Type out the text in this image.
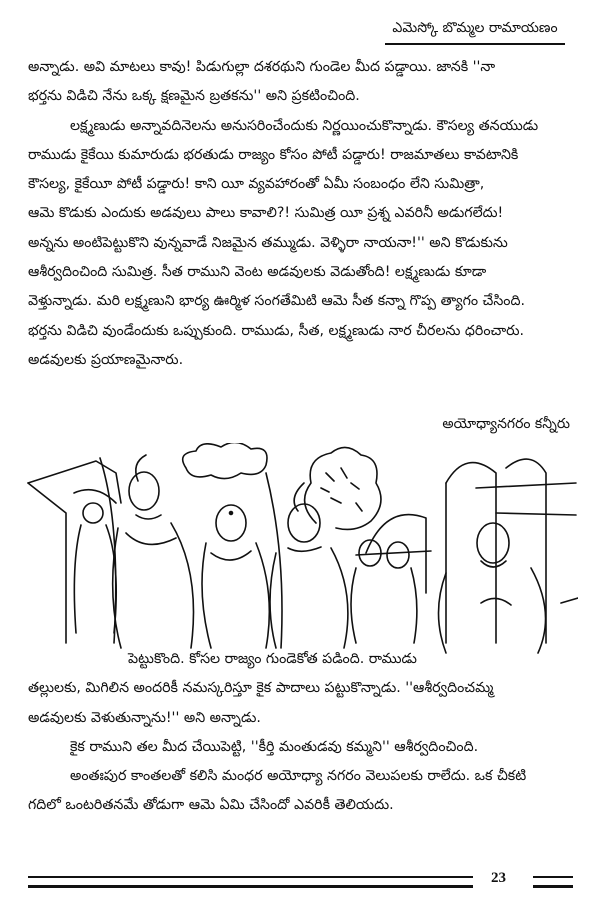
ఎమెస్కో బొమ్మల రామాయణం
అన్నాడు. అవి మాటలు కావు! పిడుగుల్లా దశరథుని గుండెల మీద పడ్డాయి. జానకి ''నా
భర్తను విడిచి నేను ఒక్క క్షణమైన బ్రతకను'' అని ప్రకటించింది.
లక్ష్మణుడు అన్నావదినెలను అనుసరించేందుకు నిర్ణయించుకొన్నాడు. కౌసల్య తనయుడు
రాముడు కైకేయి కుమారుడు భరతుడు రాజ్యం కోసం పోటీ పడ్డారు! రాజమాతలు కావటానికి
కౌసల్య, కైకేయీ పోటీ పడ్డారు! కాని యీ వ్యవహారంతో ఏమీ సంబంధం లేని సుమిత్రా,
ఆమె కొడుకు ఎందుకు అడవులు పాలు కావాలి?! సుమిత్ర యీ ప్రశ్న ఎవరినీ అడుగలేదు!
అన్నను అంటిపెట్టుకొని వున్నవాడే నిజమైన తమ్ముడు. వెళ్ళిరా నాయనా!'' అని కొడుకును
ఆశీర్వదించింది సుమిత్ర. సీత రాముని వెంట అడవులకు వెడుతోంది! లక్ష్మణుడు కూడా
వెళ్తున్నాడు. మరి లక్ష్మణుని భార్య ఊర్మిళ సంగతేమిటి ఆమె సీత కన్నా గొప్ప త్యాగం చేసింది.
భర్తను విడిచి వుండేందుకు ఒప్పుకుంది. రాముడు, సీత, లక్ష్మణుడు నార చీరలను ధరించారు.
అడవులకు ప్రయాణమైనారు.
అయోధ్యానగరం కన్నీరు
పెట్టుకొంది. కోసల రాజ్యం గుండెకోత పడింది. రాముడు
తల్లులకు, మిగిలిన అందరికీ నమస్కరిస్తూ కైక పాదాలు పట్టుకొన్నాడు. ''ఆశీర్వదించమ్మ
అడవులకు వెళుతున్నాను!'' అని అన్నాడు.
కైక రాముని తల మీద చేయిపెట్టి, ''కీర్తి మంతుడవు కమ్మని'' ఆశీర్వదించింది.
అంతఃపుర కాంతలతో కలిసి మంధర అయోధ్యా నగరం వెలుపలకు రాలేదు. ఒక చీకటి
గదిలో ఒంటరితనమే తోడుగా ఆమె ఏమి చేసిందో ఎవరికీ తెలియదు.
23
